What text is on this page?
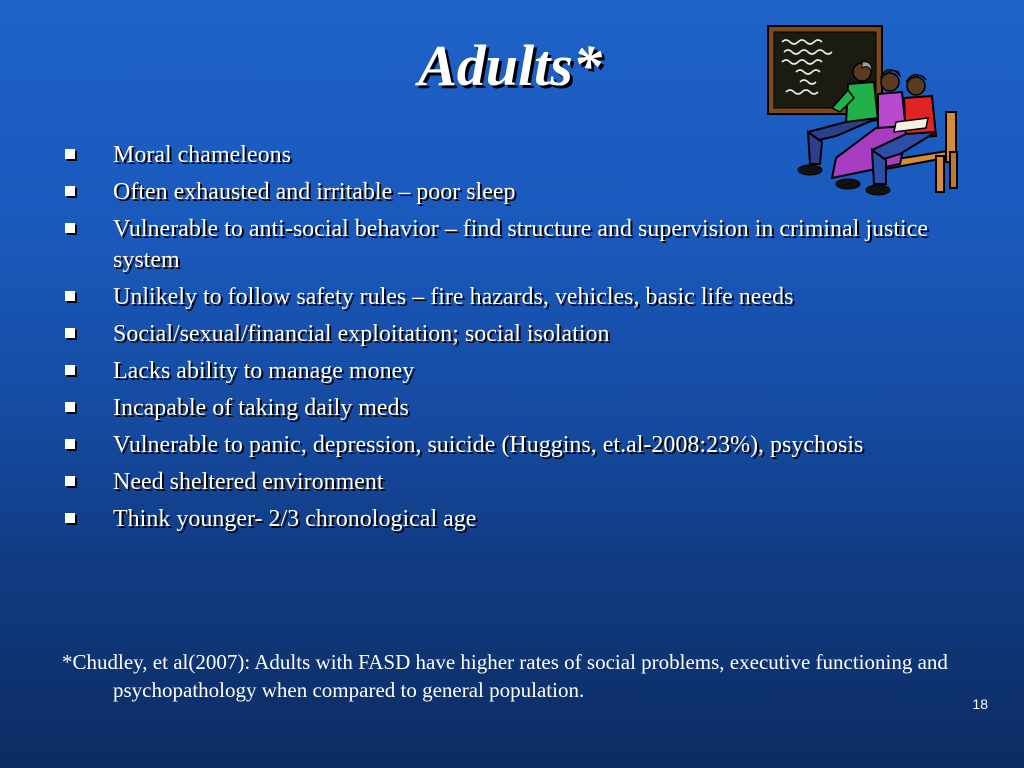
Adults*
Moral chameleons
Often exhausted and irritable – poor sleep
Vulnerable to anti-social behavior – find structure and supervision in criminal justice system
Unlikely to follow safety rules – fire hazards, vehicles, basic life needs
Social/sexual/financial exploitation; social isolation
Lacks ability to manage money
Incapable of taking daily meds
Vulnerable to panic, depression, suicide (Huggins, et.al-2008:23%), psychosis
Need sheltered environment
Think younger- 2/3 chronological age

*Chudley, et al(2007): Adults with FASD have higher rates of social problems, executive functioning and psychopathology when compared to general population.

18
